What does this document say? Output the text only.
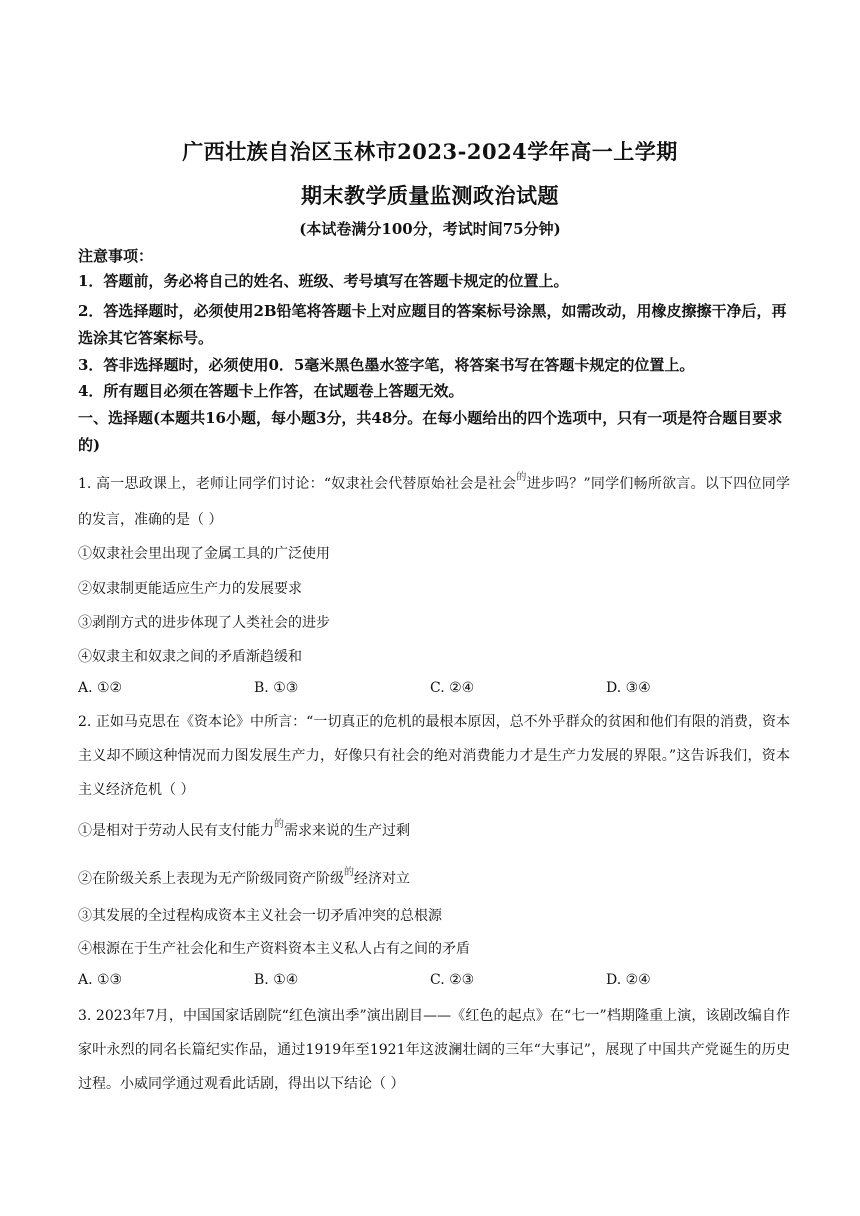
广西壮族自治区玉林市2023-2024学年高一上学期
期末教学质量监测政治试题
(本试卷满分100分，考试时间75分钟)
注意事项：
1．答题前，务必将自己的姓名、班级、考号填写在答题卡规定的位置上。
2．答选择题时，必须使用2B铅笔将答题卡上对应题目的答案标号涂黑，如需改动，用橡皮擦擦干净后，再选涂其它答案标号。
3．答非选择题时，必须使用0．5毫米黑色墨水签字笔，将答案书写在答题卡规定的位置上。
4．所有题目必须在答题卡上作答，在试题卷上答题无效。
一、选择题(本题共16小题，每小题3分，共48分。在每小题给出的四个选项中，只有一项是符合题目要求的)
1. 高一思政课上，老师让同学们讨论：“奴隶社会代替原始社会是社会$^的$进步吗？”同学们畅所欲言。以下四位同学的发言，准确的是（ ）
①奴隶社会里出现了金属工具的广泛使用
②奴隶制更能适应生产力的发展要求
③剥削方式的进步体现了人类社会的进步
④奴隶主和奴隶之间的矛盾渐趋缓和
A. ①②	B. ①③	C. ②④	D. ③④
2. 正如马克思在《资本论》中所言：“一切真正的危机的最根本原因，总不外乎群众的贫困和他们有限的消费，资本主义却不顾这种情况而力图发展生产力，好像只有社会的绝对消费能力才是生产力发展的界限。”这告诉我们，资本主义经济危机（ ）
①是相对于劳动人民有支付能力$^的$需求来说的生产过剩
②在阶级关系上表现为无产阶级同资产阶级$^的$经济对立
③其发展的全过程构成资本主义社会一切矛盾冲突的总根源
④根源在于生产社会化和生产资料资本主义私人占有之间的矛盾
A. ①③	B. ①④	C. ②③	D. ②④
3. 2023年7月，中国国家话剧院“红色演出季”演出剧目——《红色的起点》在“七一”档期隆重上演，该剧改编自作家叶永烈的同名长篇纪实作品，通过1919年至1921年这波澜壮阔的三年“大事记”，展现了中国共产党诞生的历史过程。小威同学通过观看此话剧，得出以下结论（ ）
